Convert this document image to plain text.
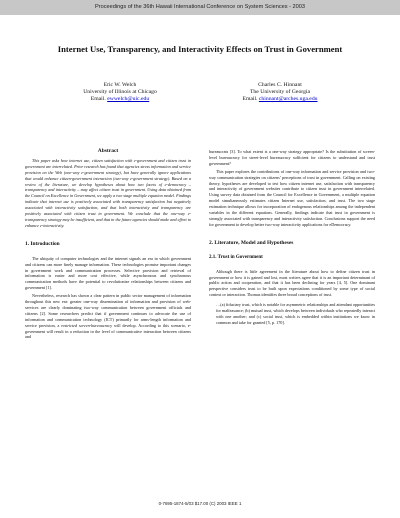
Proceedings of the 36th Hawaii International Conference on System Sciences - 2003
Internet Use, Transparency, and Interactivity Effects on Trust in Government
Eric W. Welch
University of Illinois at Chicago
Email. ewwelch@uic.edu
Charles C. Hinnant
The University of Georgia
Email. chinnant@arches.uga.edu
Abstract

This paper asks how internet use, citizen satisfaction with e-government and citizen trust in government are interrelated. Prior research has found that agencies stress information and service provision on the Web (one-way e-government strategy), but have generally ignore applications that would enhance citizen-government interaction (two-way e-government strategy). Based on a review of the literature, we develop hypotheses about how two facets of e-democracy – transparency and interactivity – may affect citizen trust in government. Using data obtained from the Council on Excellence in Government, we apply a two stage multiple equation model. Findings indicate that internet use is positively associated with transparency satisfaction but negatively associated with interactivity satisfaction, and that both interactivity and transparency are positively associated with citizen trust in government. We conclude that the one-way e-transparency strategy may be insufficient, and that in the future agencies should make and effort to enhance e-interactivity.

1. Introduction

The ubiquity of computer technologies and the internet signals an era in which government and citizens can more finely manage information. These technologies promise important changes in government work and communication processes. Selective provision and retrieval of information is easier and more cost effective, while asynchronous and synchronous communication methods have the potential to revolutionize relationships between citizens and government [1].

Nevertheless, research has shown a clear pattern in public sector management of information throughout this new era: greater one-way dissemination of information and provision of web-services are clearly dominating two-way communication between government officials and citizens [2]. Some researchers predict that if government continues to advocate the use of information and communication technology (ICT) primarily for arms-length information and service provision, a restricted screen-bureaucracy will develop. According to this scenario, e-government will result in a reduction in the level of communicative interaction between citizens and

bureaucrats [3]. To what extent is a one-way strategy appropriate? Is the substitution of screen-level bureaucracy for street-level bureaucracy sufficient for citizens to understand and trust government?

This paper explores the contributions of one-way information and service provision and two-way communication strategies on citizens’ perceptions of trust in government. Calling on existing theory, hypotheses are developed to test how citizen internet use, satisfaction with transparency and interactivity of government websites contribute to citizen trust in government interrelated. Using survey data obtained from the Council for Excellence in Government, a multiple equation model simultaneously estimates citizen Internet use, satisfaction, and trust. The two stage estimation technique allows for incorporation of endogenous relationships among the independent variables in the different equations. Generally, findings indicate that trust in government is strongly associated with transparency and interactivity satisfaction. Conclusions support the need for government to develop better two-way interactivity applications for eDemocracy.

2. Literature, Model and Hypotheses
2.1. Trust in Government

Although there is little agreement in the literature about how to define citizen trust in government or how it is gained and lost, most writers agree that it is an important determinant of public action and cooperation, and that it has been declining for years [4, 5]. One dominant perspective considers trust to be built upon expectations conditioned by some type of social context or interaction. Thomas identifies three broad conceptions of trust.

…(a) fiduciary trust, which is notable for asymmetric relationships and attendant opportunities for malfeasance; (b) mutual trust, which develops between individuals who repeatedly interact with one another; and (c) social trust, which is embedded within institutions we know in common and take for granted [5, p. 170].

0-7695-1874-5/03 $17.00 (C) 2003 IEEE 1
